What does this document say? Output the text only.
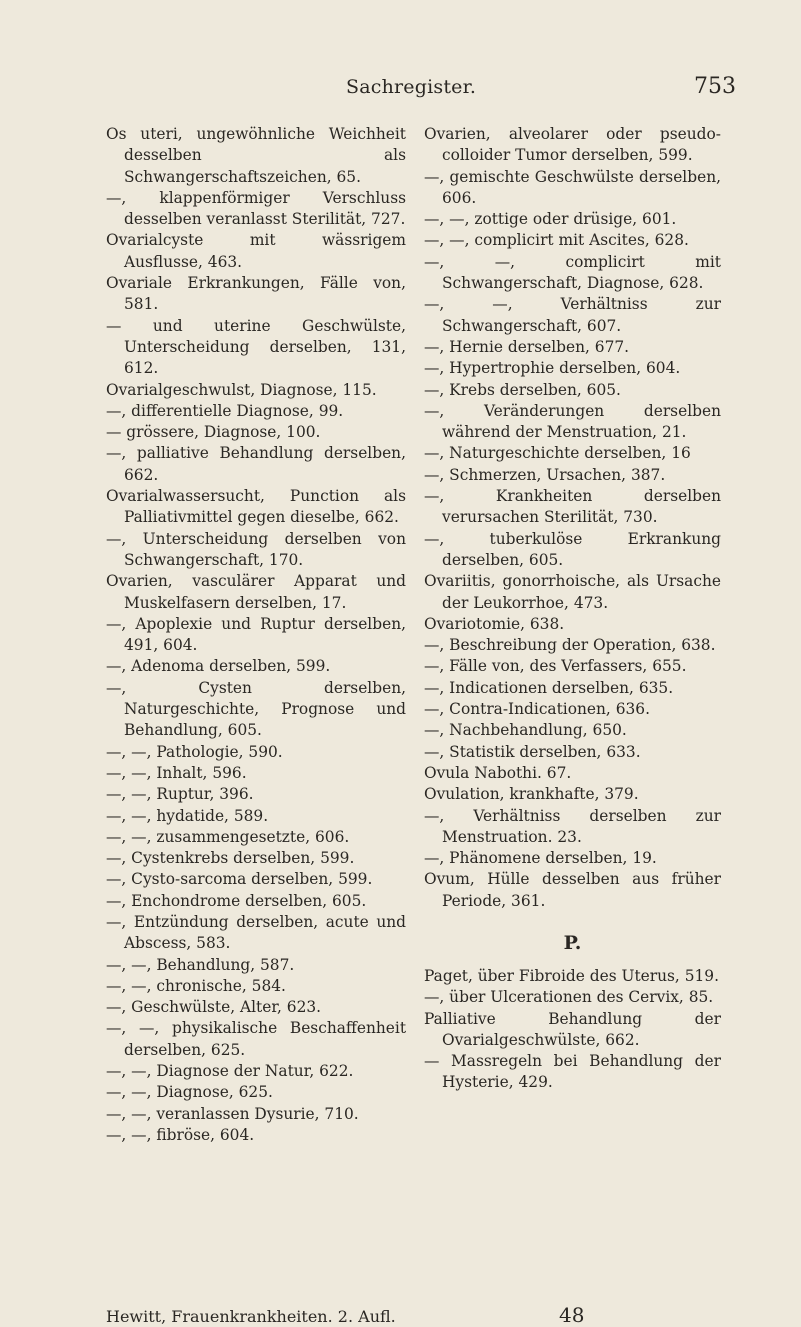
Sachregister.	753

Os uteri, ungewöhnliche Weichheit desselben als Schwangerschaftszeichen, 65.

—, klappenförmiger Verschluss desselben veranlasst Sterilität, 727.

Ovarialcyste mit wässrigem Ausflusse, 463.

Ovariale Erkrankungen, Fälle von, 581.

— und uterine Geschwülste, Unterscheidung derselben, 131, 612.

Ovarialgeschwulst, Diagnose, 115.

—, differentielle Diagnose, 99.

— grössere, Diagnose, 100.

—, palliative Behandlung derselben, 662.

Ovarialwassersucht, Punction als Palliativmittel gegen dieselbe, 662.

—, Unterscheidung derselben von Schwangerschaft, 170.

Ovarien, vasculärer Apparat und Muskelfasern derselben, 17.

—, Apoplexie und Ruptur derselben, 491, 604.

—, Adenoma derselben, 599.

—, Cysten derselben, Naturgeschichte, Prognose und Behandlung, 605.

—, —, Pathologie, 590.

—, —, Inhalt, 596.

—, —, Ruptur, 396.

—, —, hydatide, 589.

—, —, zusammengesetzte, 606.

—, Cystenkrebs derselben, 599.

—, Cysto-sarcoma derselben, 599.

—, Enchondrome derselben, 605.

—, Entzündung derselben, acute und Abscess, 583.

—, —, Behandlung, 587.

—, —, chronische, 584.

—, Geschwülste, Alter, 623.

—, —, physikalische Beschaffenheit derselben, 625.

—, —, Diagnose der Natur, 622.

—, —, Diagnose, 625.

—, —, veranlassen Dysurie, 710.

—, —, fibröse, 604.

Ovarien, alveolarer oder pseudo-colloider Tumor derselben, 599.

—, gemischte Geschwülste derselben, 606.

—, —, zottige oder drüsige, 601.

—, —, complicirt mit Ascites, 628.

—, —, complicirt mit Schwangerschaft, Diagnose, 628.

—, —, Verhältniss zur Schwangerschaft, 607.

—, Hernie derselben, 677.

—, Hypertrophie derselben, 604.

—, Krebs derselben, 605.

—, Veränderungen derselben während der Menstruation, 21.

—, Naturgeschichte derselben, 16

—, Schmerzen, Ursachen, 387.

—, Krankheiten derselben verursachen Sterilität, 730.

—, tuberkulöse Erkrankung derselben, 605.

Ovariitis, gonorrhoische, als Ursache der Leukorrhoe, 473.

Ovariotomie, 638.

—, Beschreibung der Operation, 638.

—, Fälle von, des Verfassers, 655.

—, Indicationen derselben, 635.

—, Contra-Indicationen, 636.

—, Nachbehandlung, 650.

—, Statistik derselben, 633.

Ovula Nabothi. 67.

Ovulation, krankhafte, 379.

—, Verhältniss derselben zur Menstruation. 23.

—, Phänomene derselben, 19.

Ovum, Hülle desselben aus früher Periode, 361.

P.

Paget, über Fibroide des Uterus, 519.

—, über Ulcerationen des Cervix, 85.

Palliative Behandlung der Ovarialgeschwülste, 662.

— Massregeln bei Behandlung der Hysterie, 429.

Hewitt, Frauenkrankheiten. 2. Aufl.	48
